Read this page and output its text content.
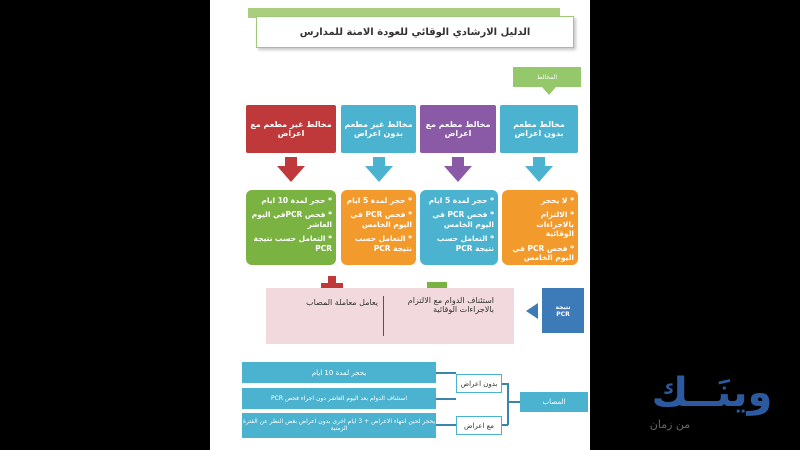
الدليل الارشادي الوقائي للعودة الامنة للمدارس
المخالط
مخالط مطعم بدون اعراض
مخالط مطعم مع اعراض
مخالط غير مطعم بدون اعراض
مخالط غير مطعم مع اعراض
* لا يحجر
* الالتزام بالاجراءات الوقائية
* فحص PCR في اليوم الخامس
* حجر لمدة 5 ايام
* فحص PCR في اليوم الخامس
* التعامل حسب نتيجة PCR
* حجر لمدة 5 ايام
* فحص PCR في اليوم الخامس
* التعامل حسب نتيجة PCR
* حجر لمدة 10 ايام
* فحص PCRفي اليوم العاشر
* التعامل حسب نتيجة PCR
استئناف الدوام مع الالتزام بالاجراءات الوقائية
يعامل معاملة المصاب	نتيجة
PCR
المصاب
بدون اعراض
مع اعراض
يحجر لمدة 10 ايام
استئناف الدوام بعد اليوم العاشر دون اجراء فحص PCR
يحجر لحين انتهاء الاعراض + 3 ايام اخرى بدون اعراض بغض النظر عن الفترة الزمنية
وينَــك
من زمان
